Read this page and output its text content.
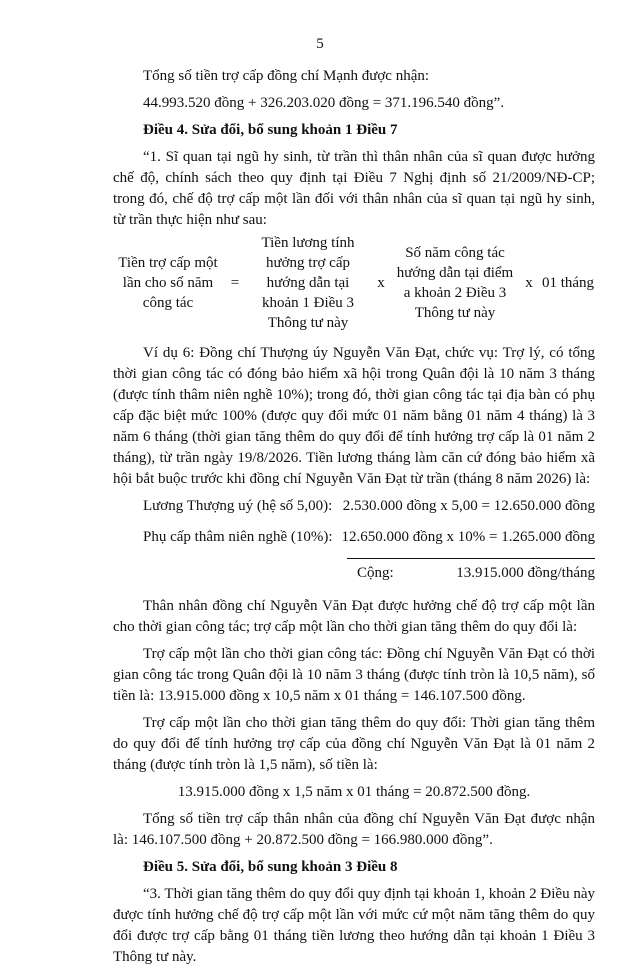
5

Tổng số tiền trợ cấp đồng chí Mạnh được nhận:

44.993.520 đồng + 326.203.020 đồng = 371.196.540 đồng”.

Điều 4. Sửa đổi, bổ sung khoản 1 Điều 7

“1. Sĩ quan tại ngũ hy sinh, từ trần thì thân nhân của sĩ quan được hưởng chế độ, chính sách theo quy định tại Điều 7 Nghị định số 21/2009/NĐ-CP; trong đó, chế độ trợ cấp một lần đối với thân nhân của sĩ quan tại ngũ hy sinh, từ trần thực hiện như sau:

Tiền trợ cấp một lần cho số năm công tác
=
Tiền lương tính hưởng trợ cấp hướng dẫn tại khoản 1 Điều 3 Thông tư này
x
Số năm công tác hướng dẫn tại điểm a khoản 2 Điều 3 Thông tư này
x 01 tháng

Ví dụ 6: Đồng chí Thượng úy Nguyễn Văn Đạt, chức vụ: Trợ lý, có tổng thời gian công tác có đóng bảo hiểm xã hội trong Quân đội là 10 năm 3 tháng (được tính thâm niên nghề 10%); trong đó, thời gian công tác tại địa bàn có phụ cấp đặc biệt mức 100% (được quy đổi mức 01 năm bằng 01 năm 4 tháng) là 3 năm 6 tháng (thời gian tăng thêm do quy đổi để tính hưởng trợ cấp là 01 năm 2 tháng), từ trần ngày 19/8/2026. Tiền lương tháng làm căn cứ đóng bảo hiểm xã hội bắt buộc trước khi đồng chí Nguyễn Văn Đạt từ trần (tháng 8 năm 2026) là:

Lương Thượng uý (hệ số 5,00): 2.530.000 đồng x 5,00 = 12.650.000 đồng
Phụ cấp thâm niên nghề (10%): 12.650.000 đồng x 10% = 1.265.000 đồng
Cộng:	13.915.000 đồng/tháng

Thân nhân đồng chí Nguyễn Văn Đạt được hưởng chế độ trợ cấp một lần cho thời gian công tác; trợ cấp một lần cho thời gian tăng thêm do quy đổi là:

Trợ cấp một lần cho thời gian công tác: Đồng chí Nguyễn Văn Đạt có thời gian công tác trong Quân đội là 10 năm 3 tháng (được tính tròn là 10,5 năm), số tiền là: 13.915.000 đồng x 10,5 năm x 01 tháng = 146.107.500 đồng.

Trợ cấp một lần cho thời gian tăng thêm do quy đổi: Thời gian tăng thêm do quy đổi để tính hưởng trợ cấp của đồng chí Nguyễn Văn Đạt là 01 năm 2 tháng (được tính tròn là 1,5 năm), số tiền là:

13.915.000 đồng x 1,5 năm x 01 tháng = 20.872.500 đồng.

Tổng số tiền trợ cấp thân nhân của đồng chí Nguyễn Văn Đạt được nhận là: 146.107.500 đồng + 20.872.500 đồng = 166.980.000 đồng”.

Điều 5. Sửa đổi, bổ sung khoản 3 Điều 8

“3. Thời gian tăng thêm do quy đổi quy định tại khoản 1, khoản 2 Điều này được tính hưởng chế độ trợ cấp một lần với mức cứ một năm tăng thêm do quy đổi được trợ cấp bằng 01 tháng tiền lương theo hướng dẫn tại khoản 1 Điều 3 Thông tư này.
